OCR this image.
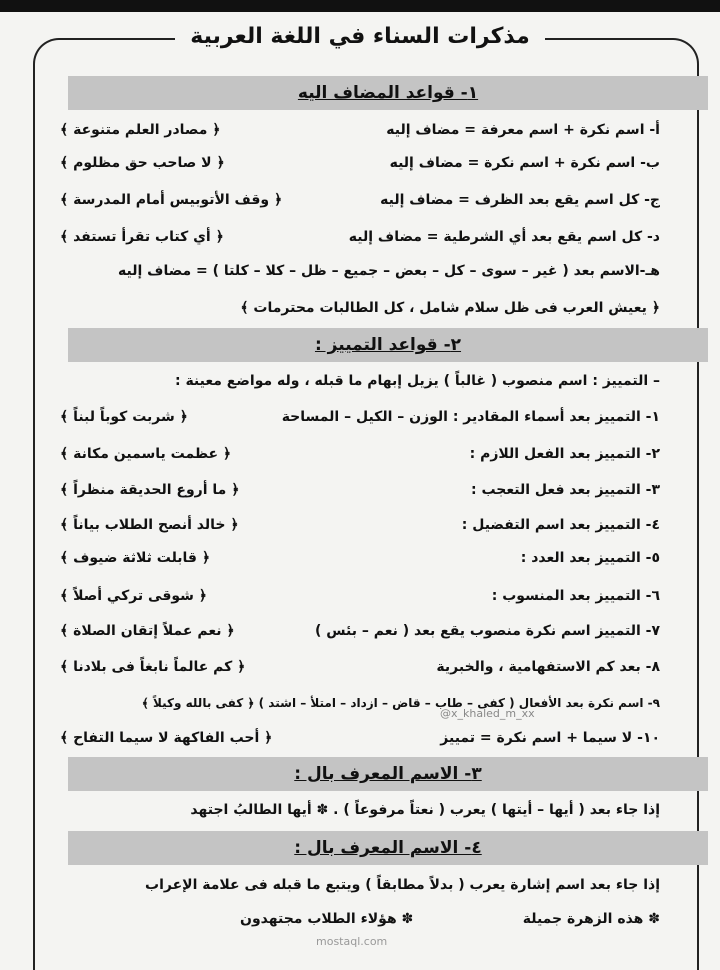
مذكرات السناء في اللغة العربية
١- قواعد المضاف اليه
أ- اسم نكرة + اسم معرفة = مضاف إليه
﴿ مصادر العلم متنوعة ﴾
ب- اسم نكرة + اسم نكرة = مضاف إليه
﴿ لا صاحب حق مظلوم ﴾
ج- كل اسم يقع بعد الظرف = مضاف إليه
﴿ وقف الأتوبيس أمام المدرسة ﴾
د- كل اسم يقع بعد أي الشرطية = مضاف إليه
﴿ أي كتاب تقرأ تستفد ﴾
هـ-الاسم بعد ( غير – سوى – كل – بعض – جميع – ظل – كلا – كلتا ) = مضاف إليه
﴿ يعيش العرب فى ظل سلام شامل ، كل الطالبات محترمات ﴾
٢- قواعد التمييز :
– التمييز : اسم منصوب ( غالباً ) يزيل إبهام ما قبله ، وله مواضع معينة :
١- التمييز بعد أسماء المقادير : الوزن – الكيل – المساحة
﴿ شربت كوباً لبناً ﴾
٢- التمييز بعد الفعل اللازم :
﴿ عظمت ياسمين مكانة ﴾
٣- التمييز بعد فعل التعجب :
﴿ ما أروع الحديقة منظراً ﴾
٤- التمييز بعد اسم التفضيل :
﴿ خالد أنصح الطلاب بياناً ﴾
٥- التمييز بعد العدد :
﴿ قابلت ثلاثة ضيوف ﴾
٦- التمييز بعد المنسوب :
﴿ شوقى تركي أصلاً ﴾
٧- التمييز اسم نكرة منصوب يقع بعد ( نعم – بئس )
﴿ نعم عملاً إتقان الصلاة ﴾
٨- بعد كم الاستفهامية ، والخبرية
﴿ كم عالماً نابغاً فى بلادنا ﴾
٩- اسم نكرة بعد الأفعال ( كفى – طاب – قاض – ازداد – امتلأ – اشتد ) ﴿ كفى بالله وكيلاً ﴾
١٠- لا سيما + اسم نكرة = تمييز
﴿ أحب الفاكهة لا سيما التفاح ﴾
٣- الاسم المعرف بال :
إذا جاء بعد ( أيها – أيتها ) يعرب ( نعتاً مرفوعاً ) . ✽ أيها الطالبُ اجتهد
٤- الاسم المعرف بال :
إذا جاء بعد اسم إشارة يعرب ( بدلاً مطابقاً ) ويتبع ما قبله فى علامة الإعراب
✽ هذه الزهرة جميلة
✽ هؤلاء الطلاب مجتهدون
@x_khaled_m_xx
mostaql.com
